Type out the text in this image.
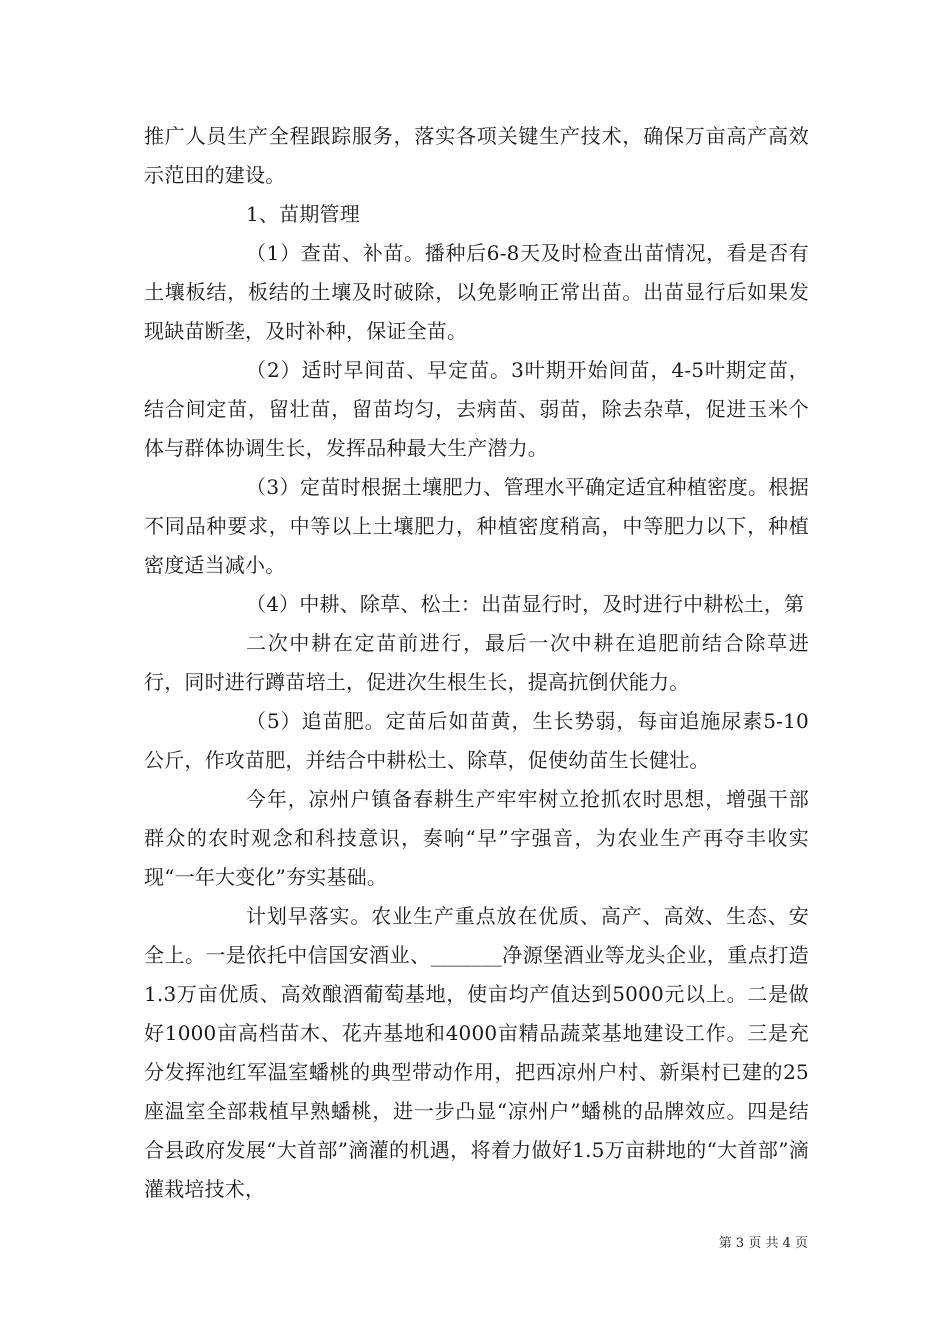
推广人员生产全程跟踪服务，落实各项关键生产技术，确保万亩高产高效示范田的建设。

1、苗期管理

（1）查苗、补苗。播种后6-8天及时检查出苗情况，看是否有土壤板结，板结的土壤及时破除，以免影响正常出苗。出苗显行后如果发现缺苗断垄，及时补种，保证全苗。

（2）适时早间苗、早定苗。3叶期开始间苗，4-5叶期定苗，结合间定苗，留壮苗，留苗均匀，去病苗、弱苗，除去杂草，促进玉米个体与群体协调生长，发挥品种最大生产潜力。

（3）定苗时根据土壤肥力、管理水平确定适宜种植密度。根据不同品种要求，中等以上土壤肥力，种植密度稍高，中等肥力以下，种植密度适当减小。

（4）中耕、除草、松土：出苗显行时，及时进行中耕松土，第

二次中耕在定苗前进行，最后一次中耕在追肥前结合除草进行，同时进行蹲苗培土，促进次生根生长，提高抗倒伏能力。

（5）追苗肥。定苗后如苗黄，生长势弱，每亩追施尿素5-10公斤，作攻苗肥，并结合中耕松土、除草，促使幼苗生长健壮。

今年，凉州户镇备春耕生产牢牢树立抢抓农时思想，增强干部群众的农时观念和科技意识，奏响“早”字强音，为农业生产再夺丰收实现“一年大变化”夯实基础。

计划早落实。农业生产重点放在优质、高产、高效、生态、安全上。一是依托中信国安酒业、_______净源堡酒业等龙头企业，重点打造1.3万亩优质、高效酿酒葡萄基地，使亩均产值达到5000元以上。二是做好1000亩高档苗木、花卉基地和4000亩精品蔬菜基地建设工作。三是充分发挥池红军温室蟠桃的典型带动作用，把西凉州户村、新渠村已建的25座温室全部栽植早熟蟠桃，进一步凸显“凉州户”蟠桃的品牌效应。四是结合县政府发展“大首部”滴灌的机遇，将着力做好1.5万亩耕地的“大首部”滴灌栽培技术，

第 3 页 共 4 页
